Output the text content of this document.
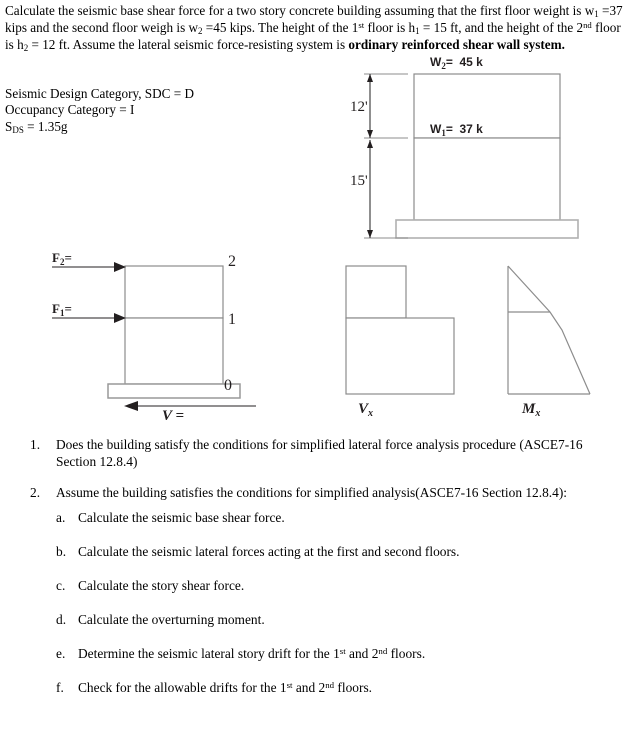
Calculate the seismic base shear force for a two story concrete building assuming that the first floor weight is $w_1 =37$ kips and the second floor weigh is $w_2 =45$ kips. The height of the 1st floor is $h_1 = 15$ ft, and the height of the 2nd floor is $h_2 = 12$ ft. Assume the lateral seismic force-resisting system is ordinary reinforced shear wall system.
Seismic Design Category, SDC = D
Occupancy Category = I
$S_{DS} = 1.35g$
$W_2= 45$ k
$W_1= 37$ k
12'
15'
$F_2=$
$F_1=$
2
1
0
V =	$V_x$	$M_x$
1.	Does the building satisfy the conditions for simplified lateral force analysis procedure (ASCE7-16 Section 12.8.4)
2.	Assume the building satisfies the conditions for simplified analysis(ASCE7-16 Section 12.8.4):
a. Calculate the seismic base shear force.
b. Calculate the seismic lateral forces acting at the first and second floors.
c. Calculate the story shear force.
d. Calculate the overturning moment.
e. Determine the seismic lateral story drift for the 1st and 2nd floors.
f.	Check for the allowable drifts for the 1st and 2nd floors.
